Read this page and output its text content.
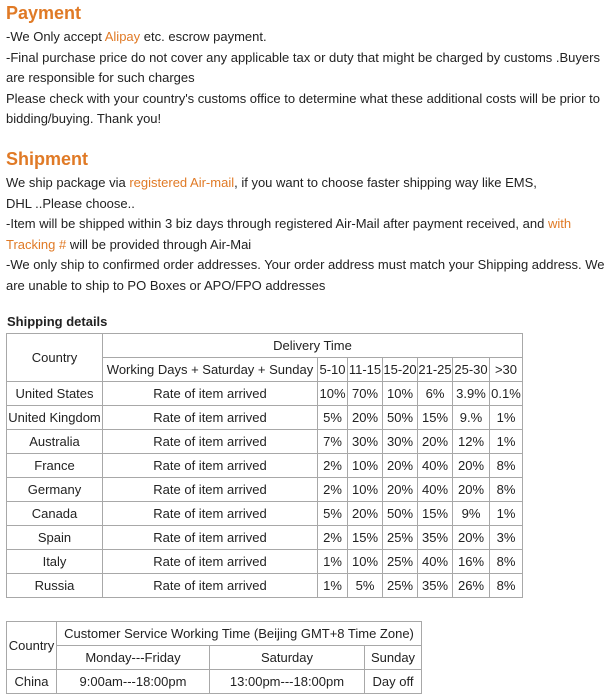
Payment
-We Only accept Alipay etc. escrow payment.
-Final purchase price do not cover any applicable tax or duty that might be charged by customs .Buyers are responsible for such charges
Please check with your country's customs office to determine what these additional costs will be prior to bidding/buying. Thank you!
Shipment
We ship package via registered Air-mail, if you want to choose faster shipping way like EMS,
DHL ..Please choose..
-Item will be shipped within 3 biz days through registered Air-Mail after payment received, and with Tracking # will be provided through Air-Mai
-We only ship to confirmed order addresses. Your order address must match your Shipping address. We are unable to ship to PO Boxes or APO/FPO addresses
Shipping details
Country	Delivery Time						
	Working Days + Saturday + Sunday	5-10	11-15	15-20	21-25	25-30	>30
United States	Rate of item arrived	10%	70%	10%	6%	3.9%	0.1%
United Kingdom	Rate of item arrived	5%	20%	50%	15%	9.%	1%
Australia	Rate of item arrived	7%	30%	30%	20%	12%	1%
France	Rate of item arrived	2%	10%	20%	40%	20%	8%
Germany	Rate of item arrived	2%	10%	20%	40%	20%	8%
Canada	Rate of item arrived	5%	20%	50%	15%	9%	1%
Spain	Rate of item arrived	2%	15%	25%	35%	20%	3%
Italy	Rate of item arrived	1%	10%	25%	40%	16%	8%
Russia	Rate of item arrived	1%	5%	25%	35%	26%	8%
Country	Customer Service Working Time (Beijing GMT+8 Time Zone)		
	Monday---Friday	Saturday	Sunday
China	9:00am---18:00pm	13:00pm---18:00pm	Day off
